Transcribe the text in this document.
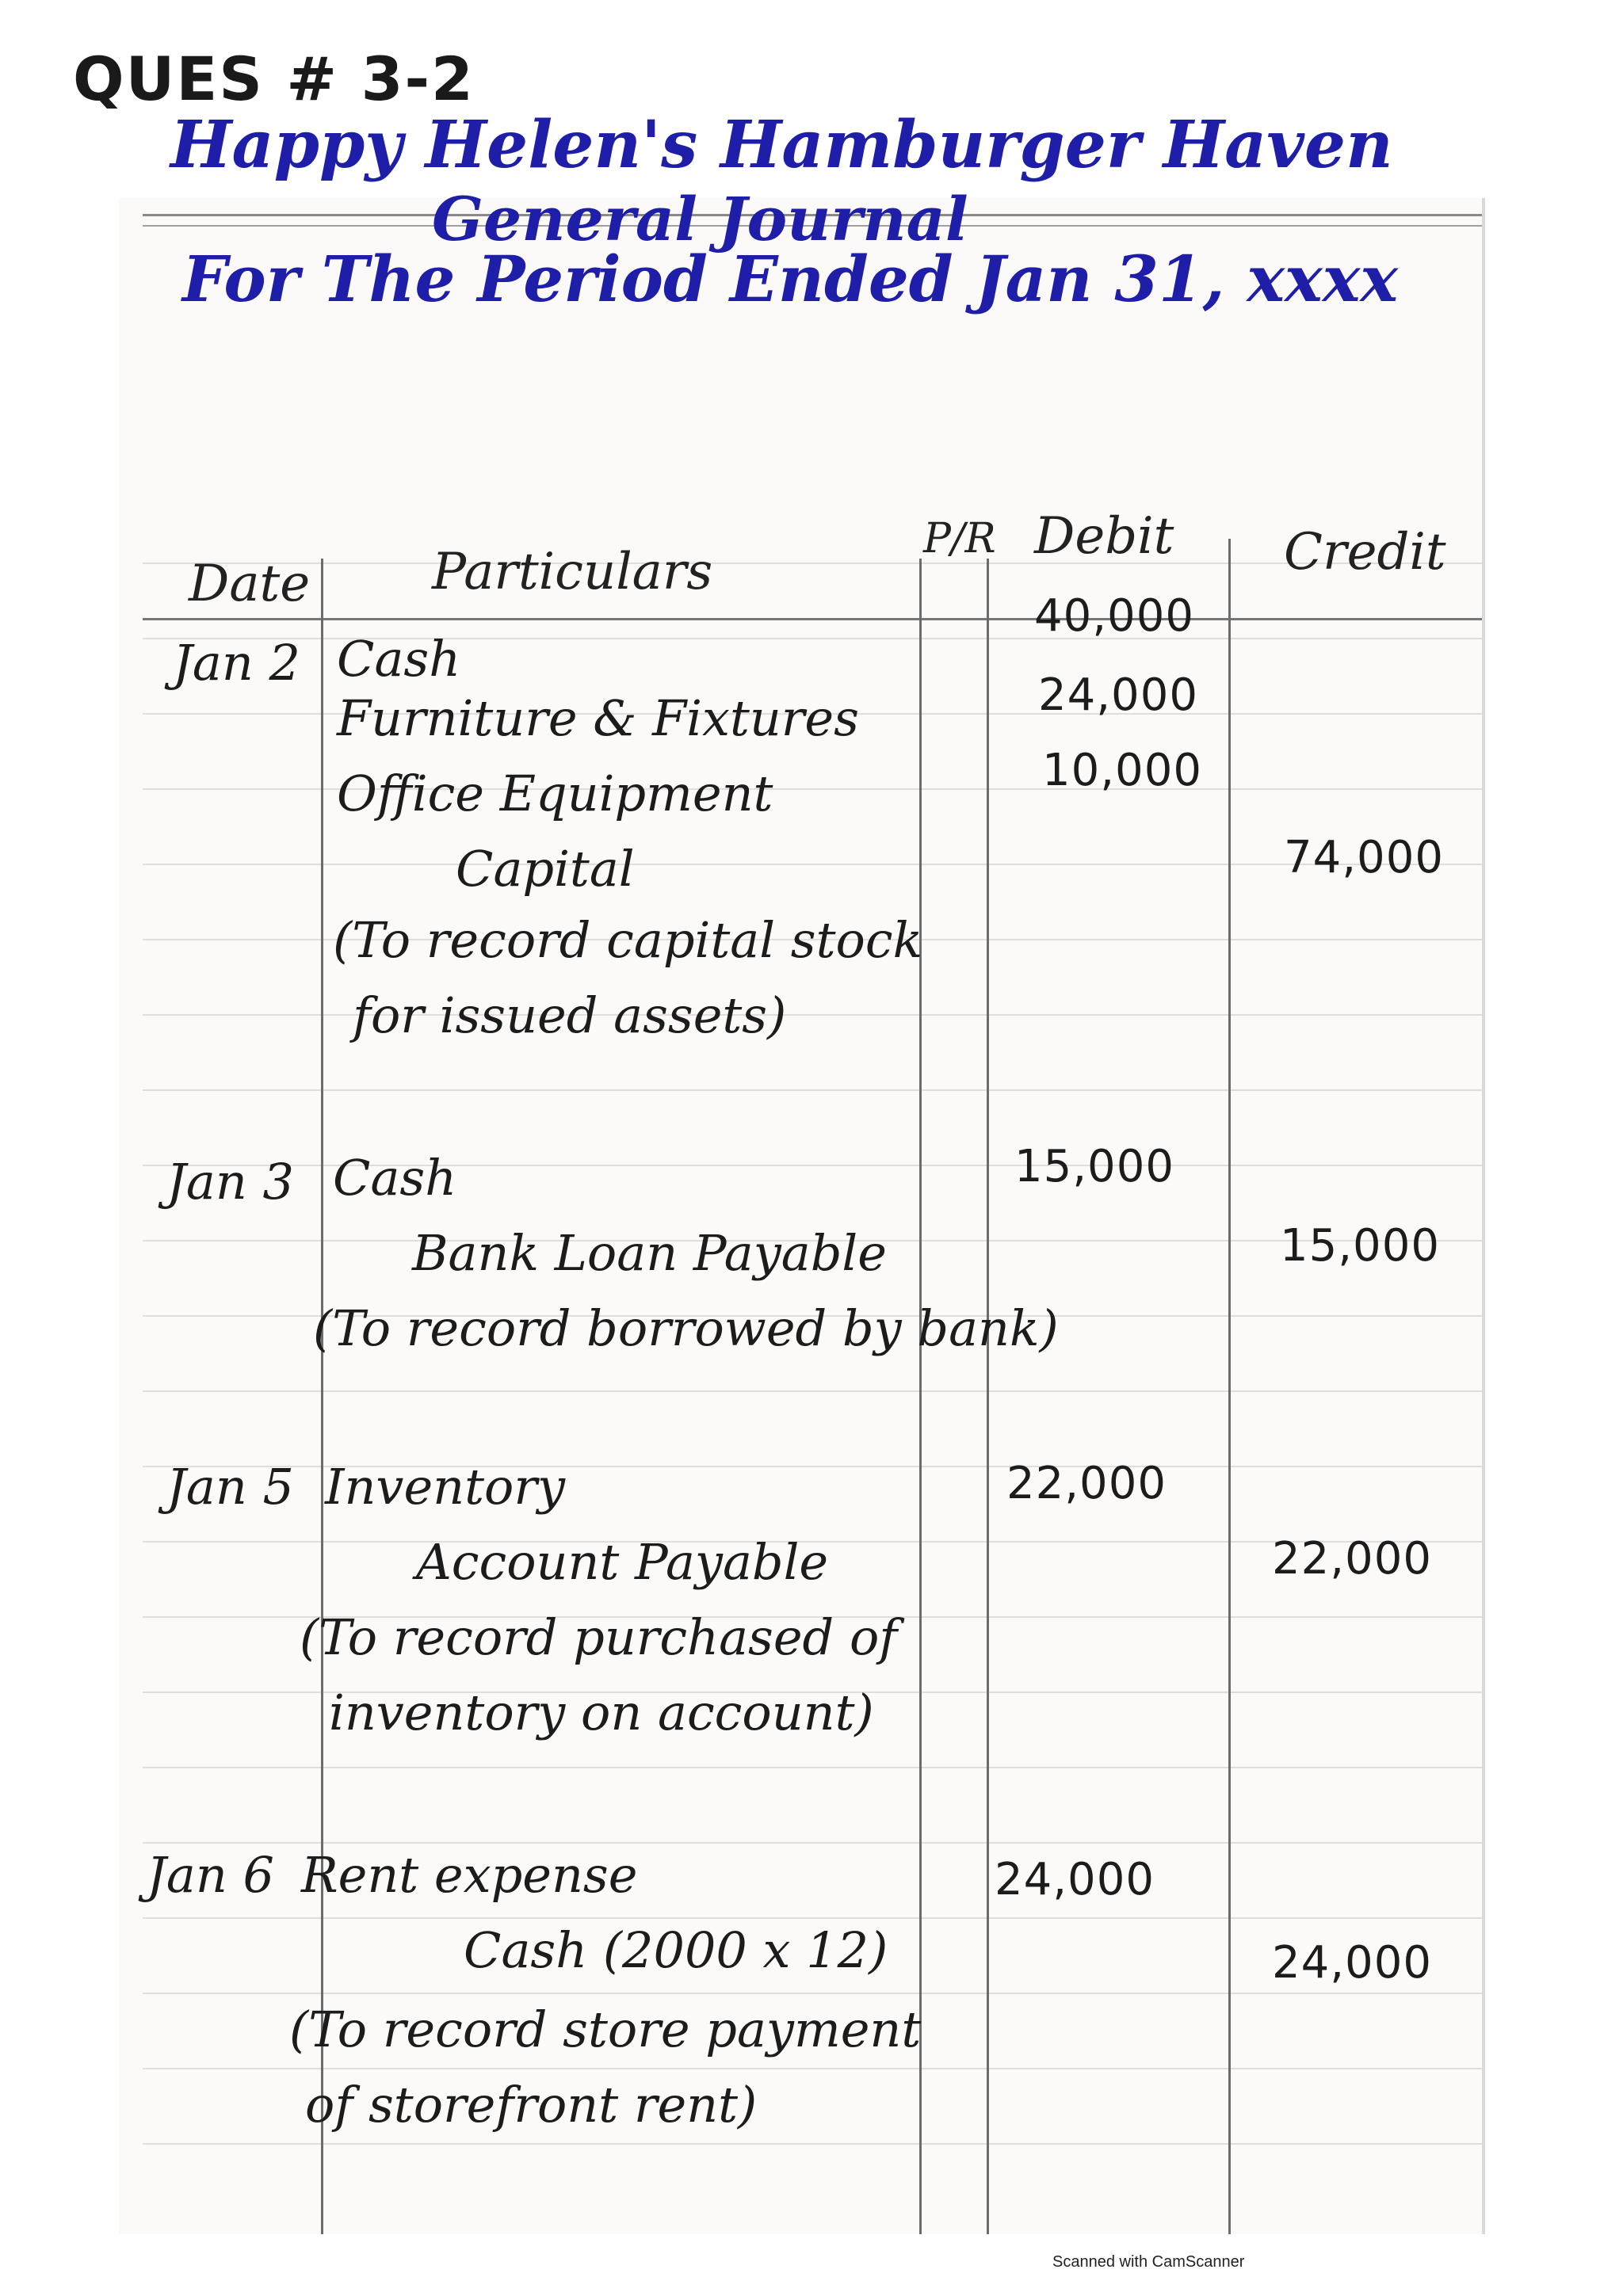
QUES # 3-2
Happy Helen's Hamburger Haven
General Journal
For The Period Ended Jan 31, xxxx
Date Particulars
P/R Debit Credit
Jan 2 Cash
Furniture & Fixtures
Office Equipment
Capital
(To record capital stock
for issued assets)
40,000
24,000
10,000
74,000
Jan 3 Cash
Bank Loan Payable
(To record borrowed by bank)
15,000
15,000
Jan 5 Inventory
Account Payable
(To record purchased of
inventory on account)
22,000
22,000
Jan 6 Rent expense
Cash (2000 x 12)
(To record store payment
of storefront rent)
24,000
24,000
Scanned with CamScanner
